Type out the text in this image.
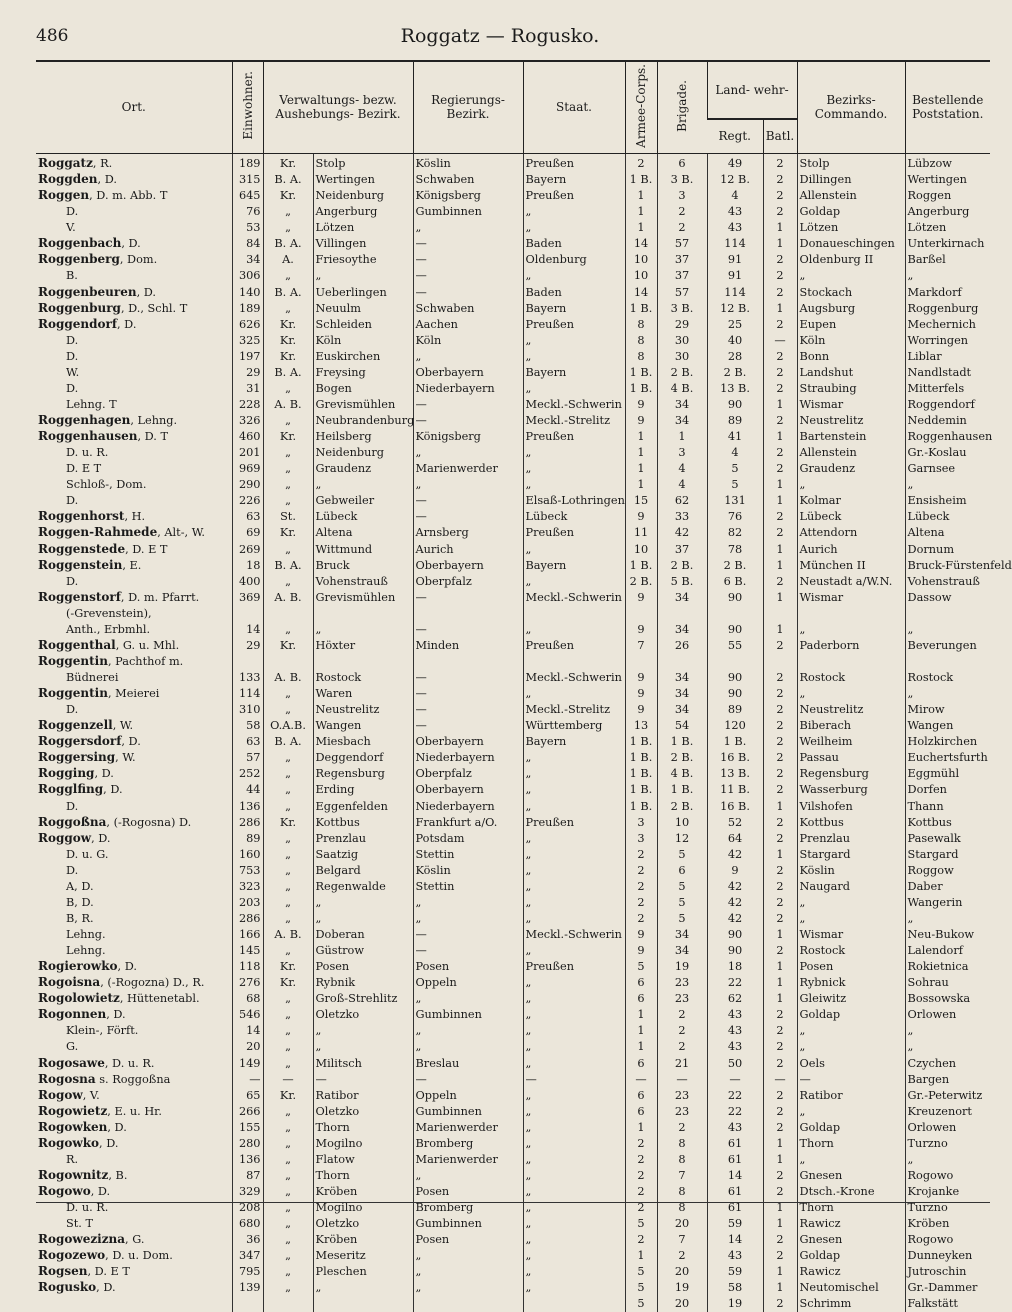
486	Roggatz — Rogusko.
Ort.	Einwohner.	Verwaltungs- bezw. Aushebungs- Bezirk.		Regierungs- Bezirk.	Staat.	Armee-Corps.	Brigade.	Land- wehr-		Bezirks- Commando.	Bestellende Poststation.
								Regt.	Batl.		
Roggatz, R.	189	Kr.	Stolp	Köslin	Preußen	2	6	49	2	Stolp	Lübzow
Roggden, D.	315	B. A.	Wertingen	Schwaben	Bayern	1 B.	3 B.	12 B.	2	Dillingen	Wertingen
Roggen, D. m. Abb. T	645	Kr.	Neidenburg	Königsberg	Preußen	1	3	4	2	Allenstein	Roggen
D.	76	„	Angerburg	Gumbinnen	„	1	2	43	2	Goldap	Angerburg
V.	53	„	Lötzen	„	„	1	2	43	1	Lötzen	Lötzen
Roggenbach, D.	84	B. A.	Villingen	—	Baden	14	57	114	1	Donaueschingen	Unterkirnach
Roggenberg, Dom.	34	A.	Friesoythe	—	Oldenburg	10	37	91	2	Oldenburg II	Barßel
B.	306	„	„	—	„	10	37	91	2	„	„
Roggenbeuren, D.	140	B. A.	Ueberlingen	—	Baden	14	57	114	2	Stockach	Markdorf
Roggenburg, D., Schl. T	189	„	Neuulm	Schwaben	Bayern	1 B.	3 B.	12 B.	1	Augsburg	Roggenburg
Roggendorf, D.	626	Kr.	Schleiden	Aachen	Preußen	8	29	25	2	Eupen	Mechernich
D.	325	Kr.	Köln	Köln	„	8	30	40	—	Köln	Worringen
D.	197	Kr.	Euskirchen	„	„	8	30	28	2	Bonn	Liblar
W.	29	B. A.	Freysing	Oberbayern	Bayern	1 B.	2 B.	2 B.	2	Landshut	Nandlstadt
D.	31	„	Bogen	Niederbayern	„	1 B.	4 B.	13 B.	2	Straubing	Mitterfels
Lehng. T	228	A. B.	Grevismühlen	—	Meckl.-Schwerin	9	34	90	1	Wismar	Roggendorf
Roggenhagen, Lehng.	326	„	Neubrandenburg	—	Meckl.-Strelitz	9	34	89	2	Neustrelitz	Neddemin
Roggenhausen, D. T	460	Kr.	Heilsberg	Königsberg	Preußen	1	1	41	1	Bartenstein	Roggenhausen
D. u. R.	201	„	Neidenburg	„	„	1	3	4	2	Allenstein	Gr.-Koslau
D. E T	969	„	Graudenz	Marienwerder	„	1	4	5	2	Graudenz	Garnsee
Schloß-, Dom.	290	„	„	„	„	1	4	5	1	„	„
D.	226	„	Gebweiler	—	Elsaß-Lothringen	15	62	131	1	Kolmar	Ensisheim
Roggenhorst, H.	63	St.	Lübeck	—	Lübeck	9	33	76	2	Lübeck	Lübeck
Roggen-Rahmede, Alt-, W.	69	Kr.	Altena	Arnsberg	Preußen	11	42	82	2	Attendorn	Altena
Roggenstede, D. E T	269	„	Wittmund	Aurich	„	10	37	78	1	Aurich	Dornum
Roggenstein, E.	18	B. A.	Bruck	Oberbayern	Bayern	1 B.	2 B.	2 B.	1	München II	Bruck-Fürstenfeld
D.	400	„	Vohenstrauß	Oberpfalz	„	2 B.	5 B.	6 B.	2	Neustadt a/W.N.	Vohenstrauß
Roggenstorf, D. m. Pfarrt.	369	A. B.	Grevismühlen	—	Meckl.-Schwerin	9	34	90	1	Wismar	Dassow
(-Grevenstein),											
Anth., Erbmhl.	14	„	„	—	„	9	34	90	1	„	„
Roggenthal, G. u. Mhl.	29	Kr.	Höxter	Minden	Preußen	7	26	55	2	Paderborn	Beverungen
Roggentin, Pachthof m.											
Büdnerei	133	A. B.	Rostock	—	Meckl.-Schwerin	9	34	90	2	Rostock	Rostock
Roggentin, Meierei	114	„	Waren	—	„	9	34	90	2	„	„
D.	310	„	Neustrelitz	—	Meckl.-Strelitz	9	34	89	2	Neustrelitz	Mirow
Roggenzell, W.	58	O.A.B.	Wangen	—	Württemberg	13	54	120	2	Biberach	Wangen
Roggersdorf, D.	63	B. A.	Miesbach	Oberbayern	Bayern	1 B.	1 B.	1 B.	2	Weilheim	Holzkirchen
Roggersing, W.	57	„	Deggendorf	Niederbayern	„	1 B.	2 B.	16 B.	2	Passau	Euchertsfurth
Rogging, D.	252	„	Regensburg	Oberpfalz	„	1 B.	4 B.	13 B.	2	Regensburg	Eggmühl
Rogglfing, D.	44	„	Erding	Oberbayern	„	1 B.	1 B.	11 B.	2	Wasserburg	Dorfen
D.	136	„	Eggenfelden	Niederbayern	„	1 B.	2 B.	16 B.	1	Vilshofen	Thann
Roggoßna, (-Rogosna) D.	286	Kr.	Kottbus	Frankfurt a/O.	Preußen	3	10	52	2	Kottbus	Kottbus
Roggow, D.	89	„	Prenzlau	Potsdam	„	3	12	64	2	Prenzlau	Pasewalk
D. u. G.	160	„	Saatzig	Stettin	„	2	5	42	1	Stargard	Stargard
D.	753	„	Belgard	Köslin	„	2	6	9	2	Köslin	Roggow
A, D.	323	„	Regenwalde	Stettin	„	2	5	42	2	Naugard	Daber
B, D.	203	„	„	„	„	2	5	42	2	„	Wangerin
B, R.	286	„	„	„	„	2	5	42	2	„	„
Lehng.	166	A. B.	Doberan	—	Meckl.-Schwerin	9	34	90	1	Wismar	Neu-Bukow
Lehng.	145	„	Güstrow	—	„	9	34	90	2	Rostock	Lalendorf
Rogierowko, D.	118	Kr.	Posen	Posen	Preußen	5	19	18	1	Posen	Rokietnica
Rogoisna, (-Rogozna) D., R.	276	Kr.	Rybnik	Oppeln	„	6	23	22	1	Rybnick	Sohrau
Rogolowietz, Hüttenetabl.	68	„	Groß-Strehlitz	„	„	6	23	62	1	Gleiwitz	Bossowska
Rogonnen, D.	546	„	Oletzko	Gumbinnen	„	1	2	43	2	Goldap	Orlowen
Klein-, Förft.	14	„	„	„	„	1	2	43	2	„	„
G.	20	„	„	„	„	1	2	43	2	„	„
Rogosawe, D. u. R.	149	„	Militsch	Breslau	„	6	21	50	2	Oels	Czychen
Rogosna s. Roggoßna	—	—	—	—	—	—	—	—	—	—	Bargen
Rogow, V.	65	Kr.	Ratibor	Oppeln	„	6	23	22	2	Ratibor	Gr.-Peterwitz
Rogowietz, E. u. Hr.	266	„	Oletzko	Gumbinnen	„	6	23	22	2	„	Kreuzenort
Rogowken, D.	155	„	Thorn	Marienwerder	„	1	2	43	2	Goldap	Orlowen
Rogowko, D.	280	„	Mogilno	Bromberg	„	2	8	61	1	Thorn	Turzno
R.	136	„	Flatow	Marienwerder	„	2	8	61	1	„	„
Rogownitz, B.	87	„	Thorn	„	„	2	7	14	2	Gnesen	Rogowo
Rogowo, D.	329	„	Kröben	Posen	„	2	8	61	2	Dtsch.-Krone	Krojanke
D. u. R.	208	„	Mogilno	Bromberg	„	2	8	61	1	Thorn	Turzno
St. T	680	„	Oletzko	Gumbinnen	„	5	20	59	1	Rawicz	Kröben
Rogowezizna, G.	36	„	Kröben	Posen	„	2	7	14	2	Gnesen	Rogowo
Rogozewo, D. u. Dom.	347	„	Meseritz	„	„	1	2	43	2	Goldap	Dunneyken
Rogsen, D. E T	795	„	Pleschen	„	„	5	20	59	1	Rawicz	Jutroschin
Rogusko, D.	139	„	„	„	„	5	19	58	1	Neutomischel	Gr.-Dammer
						5	20	19	2	Schrimm	Falkstätt
